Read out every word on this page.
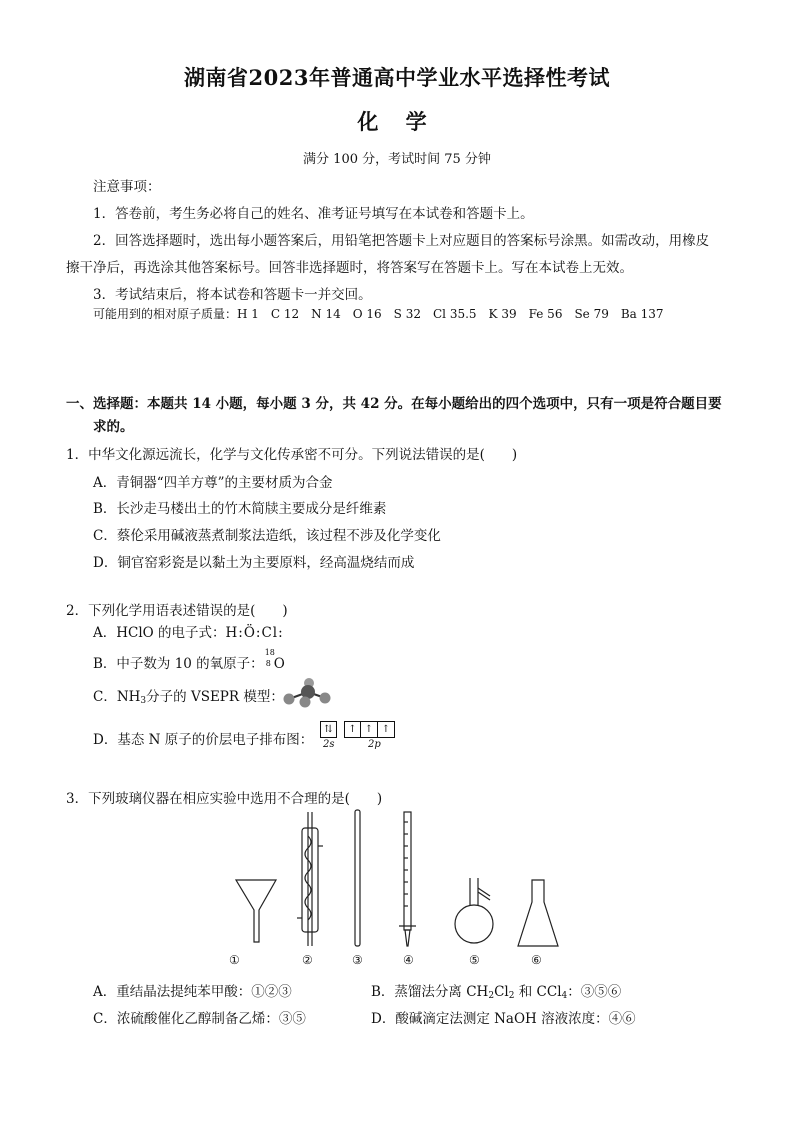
湖南省2023年普通高中学业水平选择性考试
化 学
满分 100 分，考试时间 75 分钟
注意事项：
1．答卷前，考生务必将自己的姓名、准考证号填写在本试卷和答题卡上。
2．回答选择题时，选出每小题答案后，用铅笔把答题卡上对应题目的答案标号涂黑。如需改动，用橡皮
擦干净后，再选涂其他答案标号。回答非选择题时，将答案写在答题卡上。写在本试卷上无效。
3．考试结束后，将本试卷和答题卡一并交回。
可能用到的相对原子质量：H 1　C 12　N 14　O 16　S 32　Cl 35.5　K 39　Fe 56　Se 79　Ba 137
一、选择题：本题共 14 小题，每小题 3 分，共 42 分。在每小题给出的四个选项中，只有一项是符合题目要
求的。
1．中华文化源远流长，化学与文化传承密不可分。下列说法错误的是(　　)
A．青铜器“四羊方尊”的主要材质为合金
B．长沙走马楼出土的竹木简牍主要成分是纤维素
C．蔡伦采用碱液蒸煮制浆法造纸，该过程不涉及化学变化
D．铜官窑彩瓷是以黏土为主要原料，经高温烧结而成
2．下列化学用语表述错误的是(　　)
A．HClO 的电子式：H:Ö:Cl:
B．中子数为 10 的氧原子：
18
8 O
C．$NH_3$分子的 VSEPR 模型：
D．基态 N 原子的价层电子排布图：
⇅	↑ ↑ ↑
2s	2p
3．下列玻璃仪器在相应实验中选用不合理的是(　　)
①	②	③	④	⑤	⑥
A．重结晶法提纯苯甲酸：①②③	B．蒸馏法分离 $CH_2Cl_2$ 和 CCl$_4$：③⑤⑥
C．浓硫酸催化乙醇制备乙烯：③⑤	D．酸碱滴定法测定 NaOH 溶液浓度：④⑥
